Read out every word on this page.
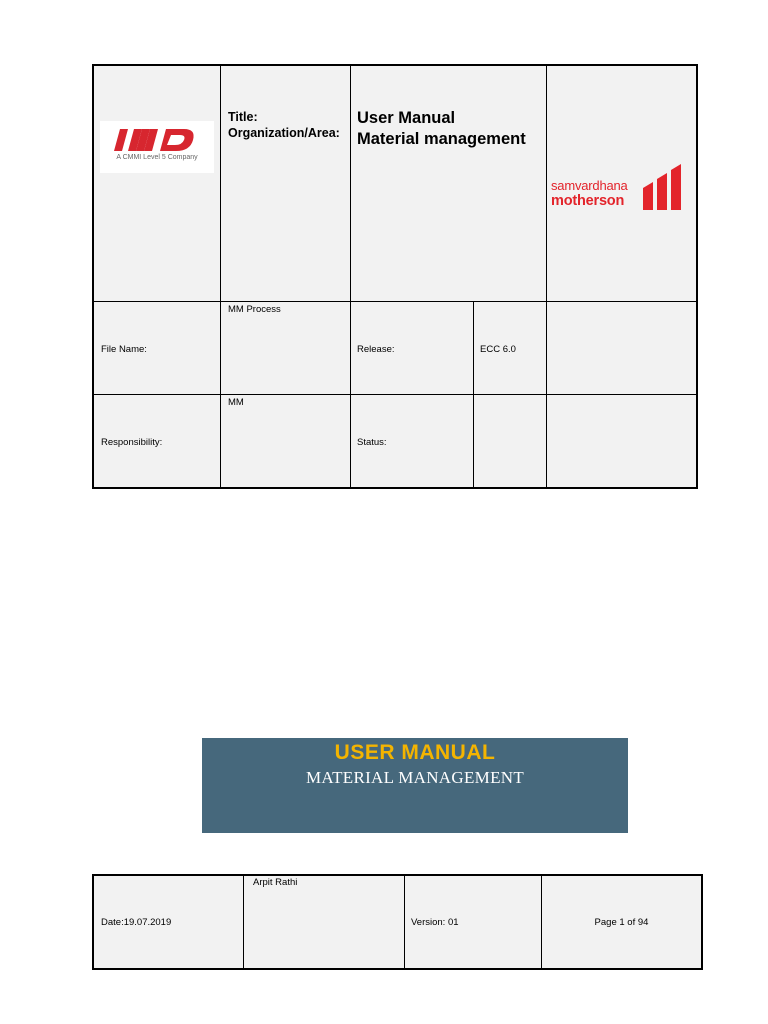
A CMMI Level 5 Company
Title:
Organization/Area:
User Manual
Material management
samvardhana
motherson
File Name:
MM Process
Release:	ECC 6.0
Responsibility:
MM
Status:
USER MANUAL
MATERIAL MANAGEMENT
Date:19.07.2019
Arpit Rathi
Version: 01	Page 1 of 94
